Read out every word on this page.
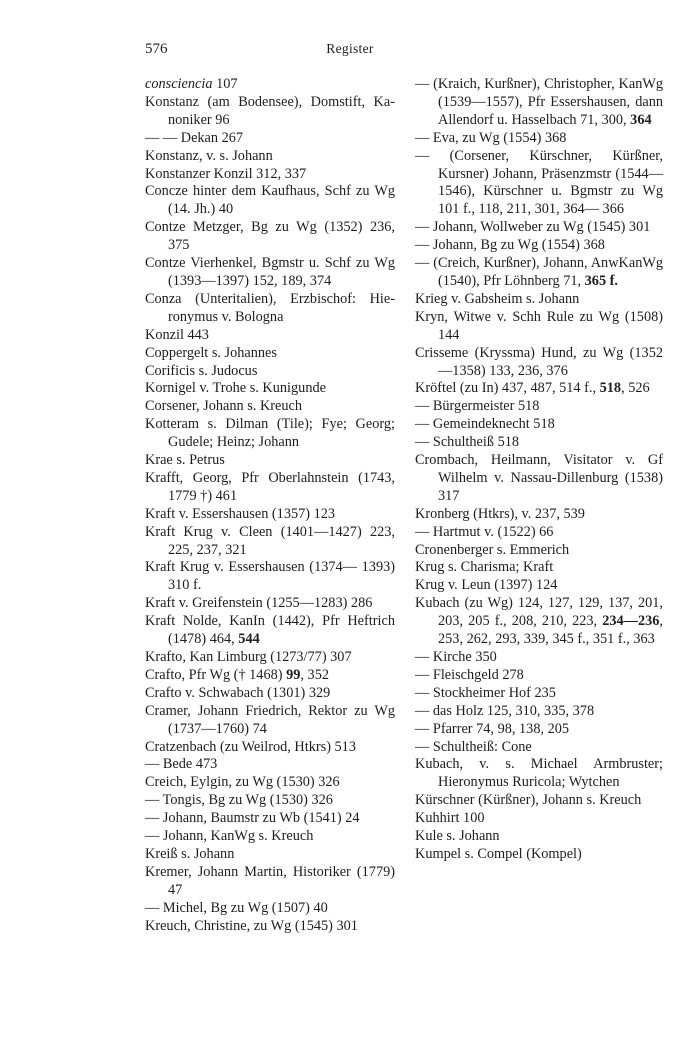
576	Register
consciencia 107
Konstanz (am Bodensee), Domstift, Kanoniker 96
— — Dekan 267
Konstanz, v. s. Johann
Konstanzer Konzil 312, 337
Concze hinter dem Kaufhaus, Schf zu Wg (14. Jh.) 40
Contze Metzger, Bg zu Wg (1352) 236, 375
Contze Vierhenkel, Bgmstr u. Schf zu Wg (1393—1397) 152, 189, 374
Conza (Unteritalien), Erzbischof: Hieronymus v. Bologna
Konzil 443
Coppergelt s. Johannes
Corificis s. Judocus
Kornigel v. Trohe s. Kunigunde
Corsener, Johann s. Kreuch
Kotteram s. Dilman (Tile); Fye; Georg; Gudele; Heinz; Johann
Krae s. Petrus
Krafft, Georg, Pfr Oberlahnstein (1743, 1779 †) 461
Kraft v. Essershausen (1357) 123
Kraft Krug v. Cleen (1401—1427) 223, 225, 237, 321
Kraft Krug v. Essershausen (1374— 1393) 310 f.
Kraft v. Greifenstein (1255—1283) 286
Kraft Nolde, KanIn (1442), Pfr Heftrich (1478) 464, 544
Krafto, Kan Limburg (1273/77) 307
Crafto, Pfr Wg († 1468) 99, 352
Crafto v. Schwabach (1301) 329
Cramer, Johann Friedrich, Rektor zu Wg (1737—1760) 74
Cratzenbach (zu Weilrod, Htkrs) 513
— Bede 473
Creich, Eylgin, zu Wg (1530) 326
— Tongis, Bg zu Wg (1530) 326
— Johann, Baumstr zu Wb (1541) 24
— Johann, KanWg s. Kreuch
Kreiß s. Johann
Kremer, Johann Martin, Historiker (1779) 47
— Michel, Bg zu Wg (1507) 40
Kreuch, Christine, zu Wg (1545) 301
— (Kraich, Kurßner), Christopher, KanWg (1539—1557), Pfr Essershausen, dann Allendorf u. Hasselbach 71, 300, 364
— Eva, zu Wg (1554) 368
— (Corsener, Kürschner, Kürßner, Kursner) Johann, Präsenzmstr (1544—1546), Kürschner u. Bgmstr zu Wg 101 f., 118, 211, 301, 364— 366
— Johann, Wollweber zu Wg (1545) 301
— Johann, Bg zu Wg (1554) 368
— (Creich, Kurßner), Johann, AnwKanWg (1540), Pfr Löhnberg 71, 365 f.
Krieg v. Gabsheim s. Johann
Kryn, Witwe v. Schh Rule zu Wg (1508) 144
Crisseme (Kryssma) Hund, zu Wg (1352—1358) 133, 236, 376
Kröftel (zu In) 437, 487, 514 f., 518, 526
— Bürgermeister 518
— Gemeindeknecht 518
— Schultheiß 518
Crombach, Heilmann, Visitator v. Gf Wilhelm v. Nassau-Dillenburg (1538) 317
Kronberg (Htkrs), v. 237, 539
— Hartmut v. (1522) 66
Cronenberger s. Emmerich
Krug s. Charisma; Kraft
Krug v. Leun (1397) 124
Kubach (zu Wg) 124, 127, 129, 137, 201, 203, 205 f., 208, 210, 223, 234—236, 253, 262, 293, 339, 345 f., 351 f., 363
— Kirche 350
— Fleischgeld 278
— Stockheimer Hof 235
— das Holz 125, 310, 335, 378
— Pfarrer 74, 98, 138, 205
— Schultheiß: Cone
Kubach, v. s. Michael Armbruster; Hieronymus Ruricola; Wytchen
Kürschner (Kürßner), Johann s. Kreuch
Kuhhirt 100
Kule s. Johann
Kumpel s. Compel (Kompel)
